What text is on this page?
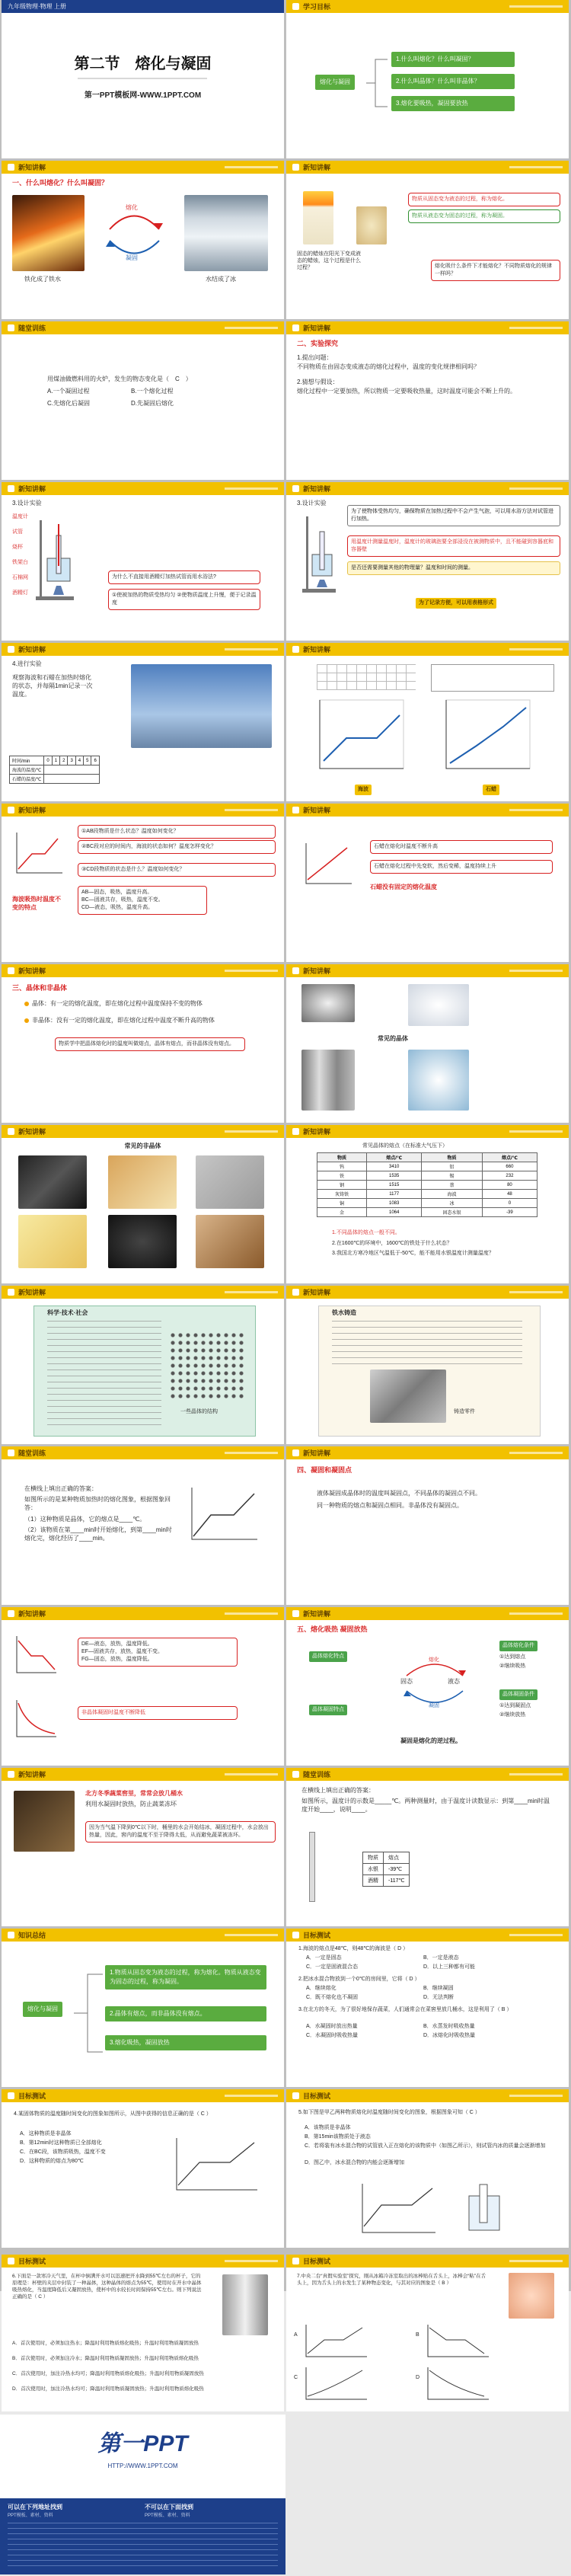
九年级物理·物理 上册
第二节　熔化与凝固
第一PPT模板网-WWW.1PPT.COM
学习目标
熔化与凝固
1.什么叫熔化？什么叫凝固？
2.什么叫晶体？什么叫非晶体？
3.熔化要吸热，凝固要放热
新知讲解
一、什么叫熔化？什么叫凝固？
熔化
凝固
铁化成了铁水	水结成了冰
新知讲解
物质从固态变为液态的过程，称为熔化。
物质从液态变为固态的过程，称为凝固。
固态的蜡烛在阳光下变成液态的蜡烛，这个过程是什么过程？	熔化吸什么条件下才能熔化？不同物质熔化的规律一样吗？
随堂训练
用煤油做燃料用的火炉，发生的物态变化是（　C　）
A.一个凝固过程	B.一个熔化过程
C.先熔化后凝固	D.先凝固后熔化
新知讲解
二、实验探究
1.提出问题：
不同物质在由固态变成液态的熔化过程中，温度的变化规律相同吗？
2.猜想与假设：
熔化过程中一定要加热，所以物质一定要吸收热量，这时温度可能会不断上升的。
新知讲解
3.设计实验
温度计
试管
烧杯
铁架台
石棉网
酒精灯
为什么不直接用酒精灯加热试管而用水浴法?
①使被加热的物质受热均匀 ②使物质温度上升慢，便于记录温度
新知讲解
3.设计实验
为了使物体受热均匀，确保物质在加热过程中不会产生气泡，可以用水浴方法对试管进行加热。
用温度计测量温度时，温度计的玻璃泡要全部浸没在被测物质中，且不能碰到容器底和容器壁
是否还需要测量其他的物理量？温度和时间的测量。
为了记录方便，可以用表格形式
新知讲解
4.进行实验
观察海波和石蜡在加热时熔化的状态，并每隔1min记录一次温度。
时间/min	0	1	2	3	4	5	6
海波的温度/℃							
石蜡的温度/℃							
新知讲解
海波	石蜡
新知讲解
①AB段物质是什么状态？温度如何变化？
②BC段对应的时间内，海波的状态如何？温度怎样变化？
③CD段物质的状态是什么？温度如何变化？
AB—固态，吸热，温度升高。
BC—固液共存，吸热，温度不变。
CD—液态，吸热，温度升高。
海波吸热时温度不变的特点
新知讲解
石蜡在熔化时温度不断升高
石蜡在熔化过程中先变软，然后变稀，温度持续上升
石蜡没有固定的熔化温度
新知讲解
三、晶体和非晶体
晶体：有一定的熔化温度，即在熔化过程中温度保持不变的物体
非晶体：没有一定的熔化温度，即在熔化过程中温度不断升高的物体
物质学中把晶体熔化时的温度叫做熔点，晶体有熔点，而非晶体没有熔点。
新知讲解
常见的晶体
新知讲解
常见的非晶体
新知讲解
常见晶体的熔点（在标准大气压下）
物质	熔点/℃	物质	熔点/℃
钨	3410	铝	660
铁	1535	锡	232
钢	1515	萘	80
灰铸铁	1177	海波	48
铜	1083	冰	0
金	1064	固态水银	-39
1.不同晶体的熔点一般不同。
2.在1600℃的环境中，1600℃的铁处于什么状态？
3.我国北方寒冷地区气温低于-50℃，能不能用水银温度计测量温度？
新知讲解
科学·技术·社会
一些晶体的结构
新知讲解
铁水铸造
铸造零件
随堂训练
在横线上填出正确的答案：
如图所示的是某种物质加热时的熔化图象，根据图象回答：
（1）这种物质是晶体，它的熔点是____℃。
（2）该物质在第____min时开始熔化，到第____min时熔化完，熔化经历了____min。
新知讲解
四、凝固和凝固点
液体凝固成晶体时的温度叫凝固点，不同晶体的凝固点不同。
同一种物质的熔点和凝固点相同。非晶体没有凝固点。
新知讲解
DE—液态，放热，温度降低。
EF—固液共存，放热，温度不变。
FG—固态，放热，温度降低。
非晶体凝固时温度不断降低
新知讲解
五、熔化吸热 凝固放热
晶体熔化特点
晶体凝固特点
晶体熔化条件
①达到熔点
②继续吸热
晶体凝固条件
①达到凝固点
②继续放热
固态	液态
熔化
凝固
凝固是熔化的逆过程。
新知讲解
北方冬季蔬菜窖里，常常会放几桶水
利用水凝固时放热，防止蔬菜冻坏
因为当气温下降到0℃以下时，桶里的水会开始结冰，凝固过程中，水会放出热量，因此，窖内的温度不至于降得太低，从而避免蔬菜被冻坏。
随堂训练
在横线上填出正确的答案：
如图所示，温度计的示数是_____℃。两种测量时，由于温度计读数显示：到第____min时温度开始____，说明____。
物质	熔点
水银	-39℃
酒精	-117℃
知识总结
熔化与凝固
1.物质从固态变为液态的过程，称为熔化。物质从液态变为固态的过程，称为凝固。
2.晶体有熔点，而非晶体没有熔点。
3.熔化吸热，凝固放热
目标测试
1.海波的熔点是48℃，则48℃的海波是（ D ）
A．一定是固态	B．一定是液态
C．一定是固液混合态	D．以上三种都有可能
2.把冰水混合物放到一个0℃的房间里，它将（ D ）
A．继续熔化	B．继续凝固
C．既不熔化也不凝固	D．无法判断
3.在北方的冬天，为了很好地保存蔬菜，人们通常会在菜窖里放几桶水，这是利用了（ B ）
A．水凝固时放出热量	B．水蒸发时吸收热量
C．水凝固时吸收热量	D．冰熔化时吸收热量
目标测试
4.某固体物质的温度随时间变化的图象如图所示，从图中获得的信息正确的是（ C ）
A．这种物质是非晶体
B．第12min时这种物质已全部熔化
C．在BC段，该物质吸热，温度不变
D．这种物质的熔点为80℃
目标测试
5.如下图是甲乙两种物质熔化时温度随时间变化的图象，根据图象可知（ C ）
A．该物质是非晶体
B．第15min该物质处于液态
C．若将装有冰水混合物的试管放入正在熔化的该物质中（如图乙所示），则试管内冰的质量会逐渐增加
D．图乙中，冰水混合物的内能会逐渐增加
第一PPT
HTTP://WWW.1PPT.COM
可以在下列地址找到
PPT模板、素材、资料
不可以在下面找到
PPT模板、素材、资料
目标测试
6.下面是一款寒冷天气里，在杯中倒满开水可以迅速把开水降到55℃左右的杯子，它的原理是：杯壁的夹层中封装了一种晶体，这种晶体的熔点为55℃，使用时在开水中晶体吸热熔化，当温度降低后又凝固放热，使杯中的水较长时间保持55℃左右。则下列说法正确的是（ C ）
A．首次使用时，必须加注热水；降温时利用物质熔化吸热；升温时利用物质凝固放热
B．首次使用时，必须加注冷水；降温时利用物质凝固放热；升温时利用物质熔化吸热
C．首次使用时，加注冷热水均可；降温时利用物质熔化吸热；升温时利用物质凝固放热
D．首次使用时，加注冷热水均可；降温时利用物质凝固放热；升温时利用物质熔化吸热
目标测试
7.中央二台“真假实验室”探究，刚从冰箱冷冻室取出的冰棒贴在舌头上，冰棒会“粘”在舌头上，因为舌头上的水发生了某种物态变化，与其对应的图象是（ B ）
A	B
C	D
